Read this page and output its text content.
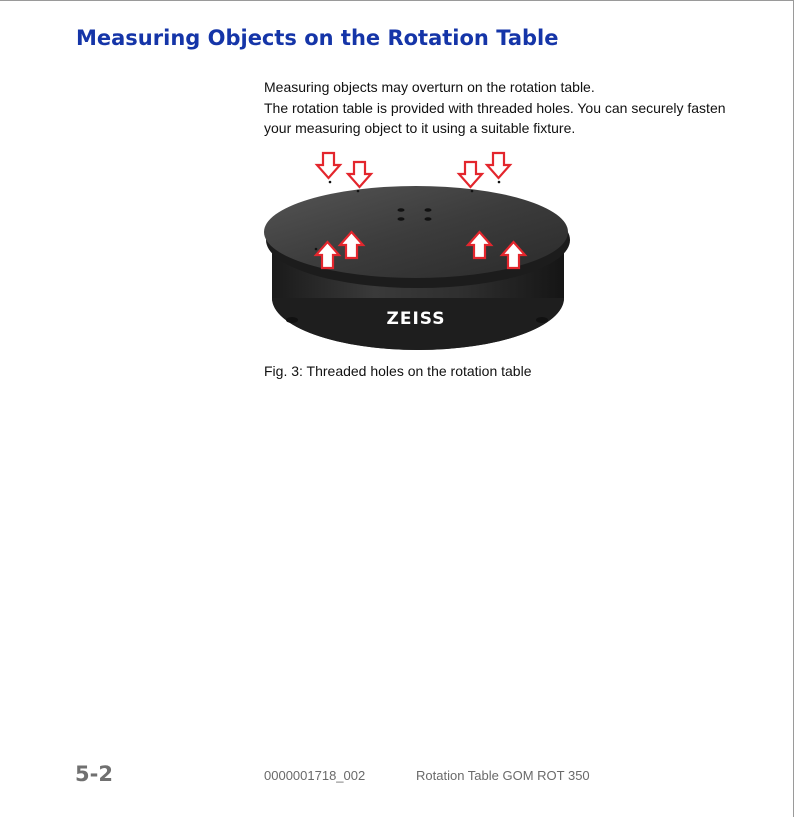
Measuring Objects on the Rotation Table

Measuring objects may overturn on the rotation table.

The rotation table is provided with threaded holes. You can securely fasten your measuring object to it using a suitable fixture.

ZEISS
Fig. 3: Threaded holes on the rotation table
5-2	0000001718_002	Rotation Table GOM ROT 350
